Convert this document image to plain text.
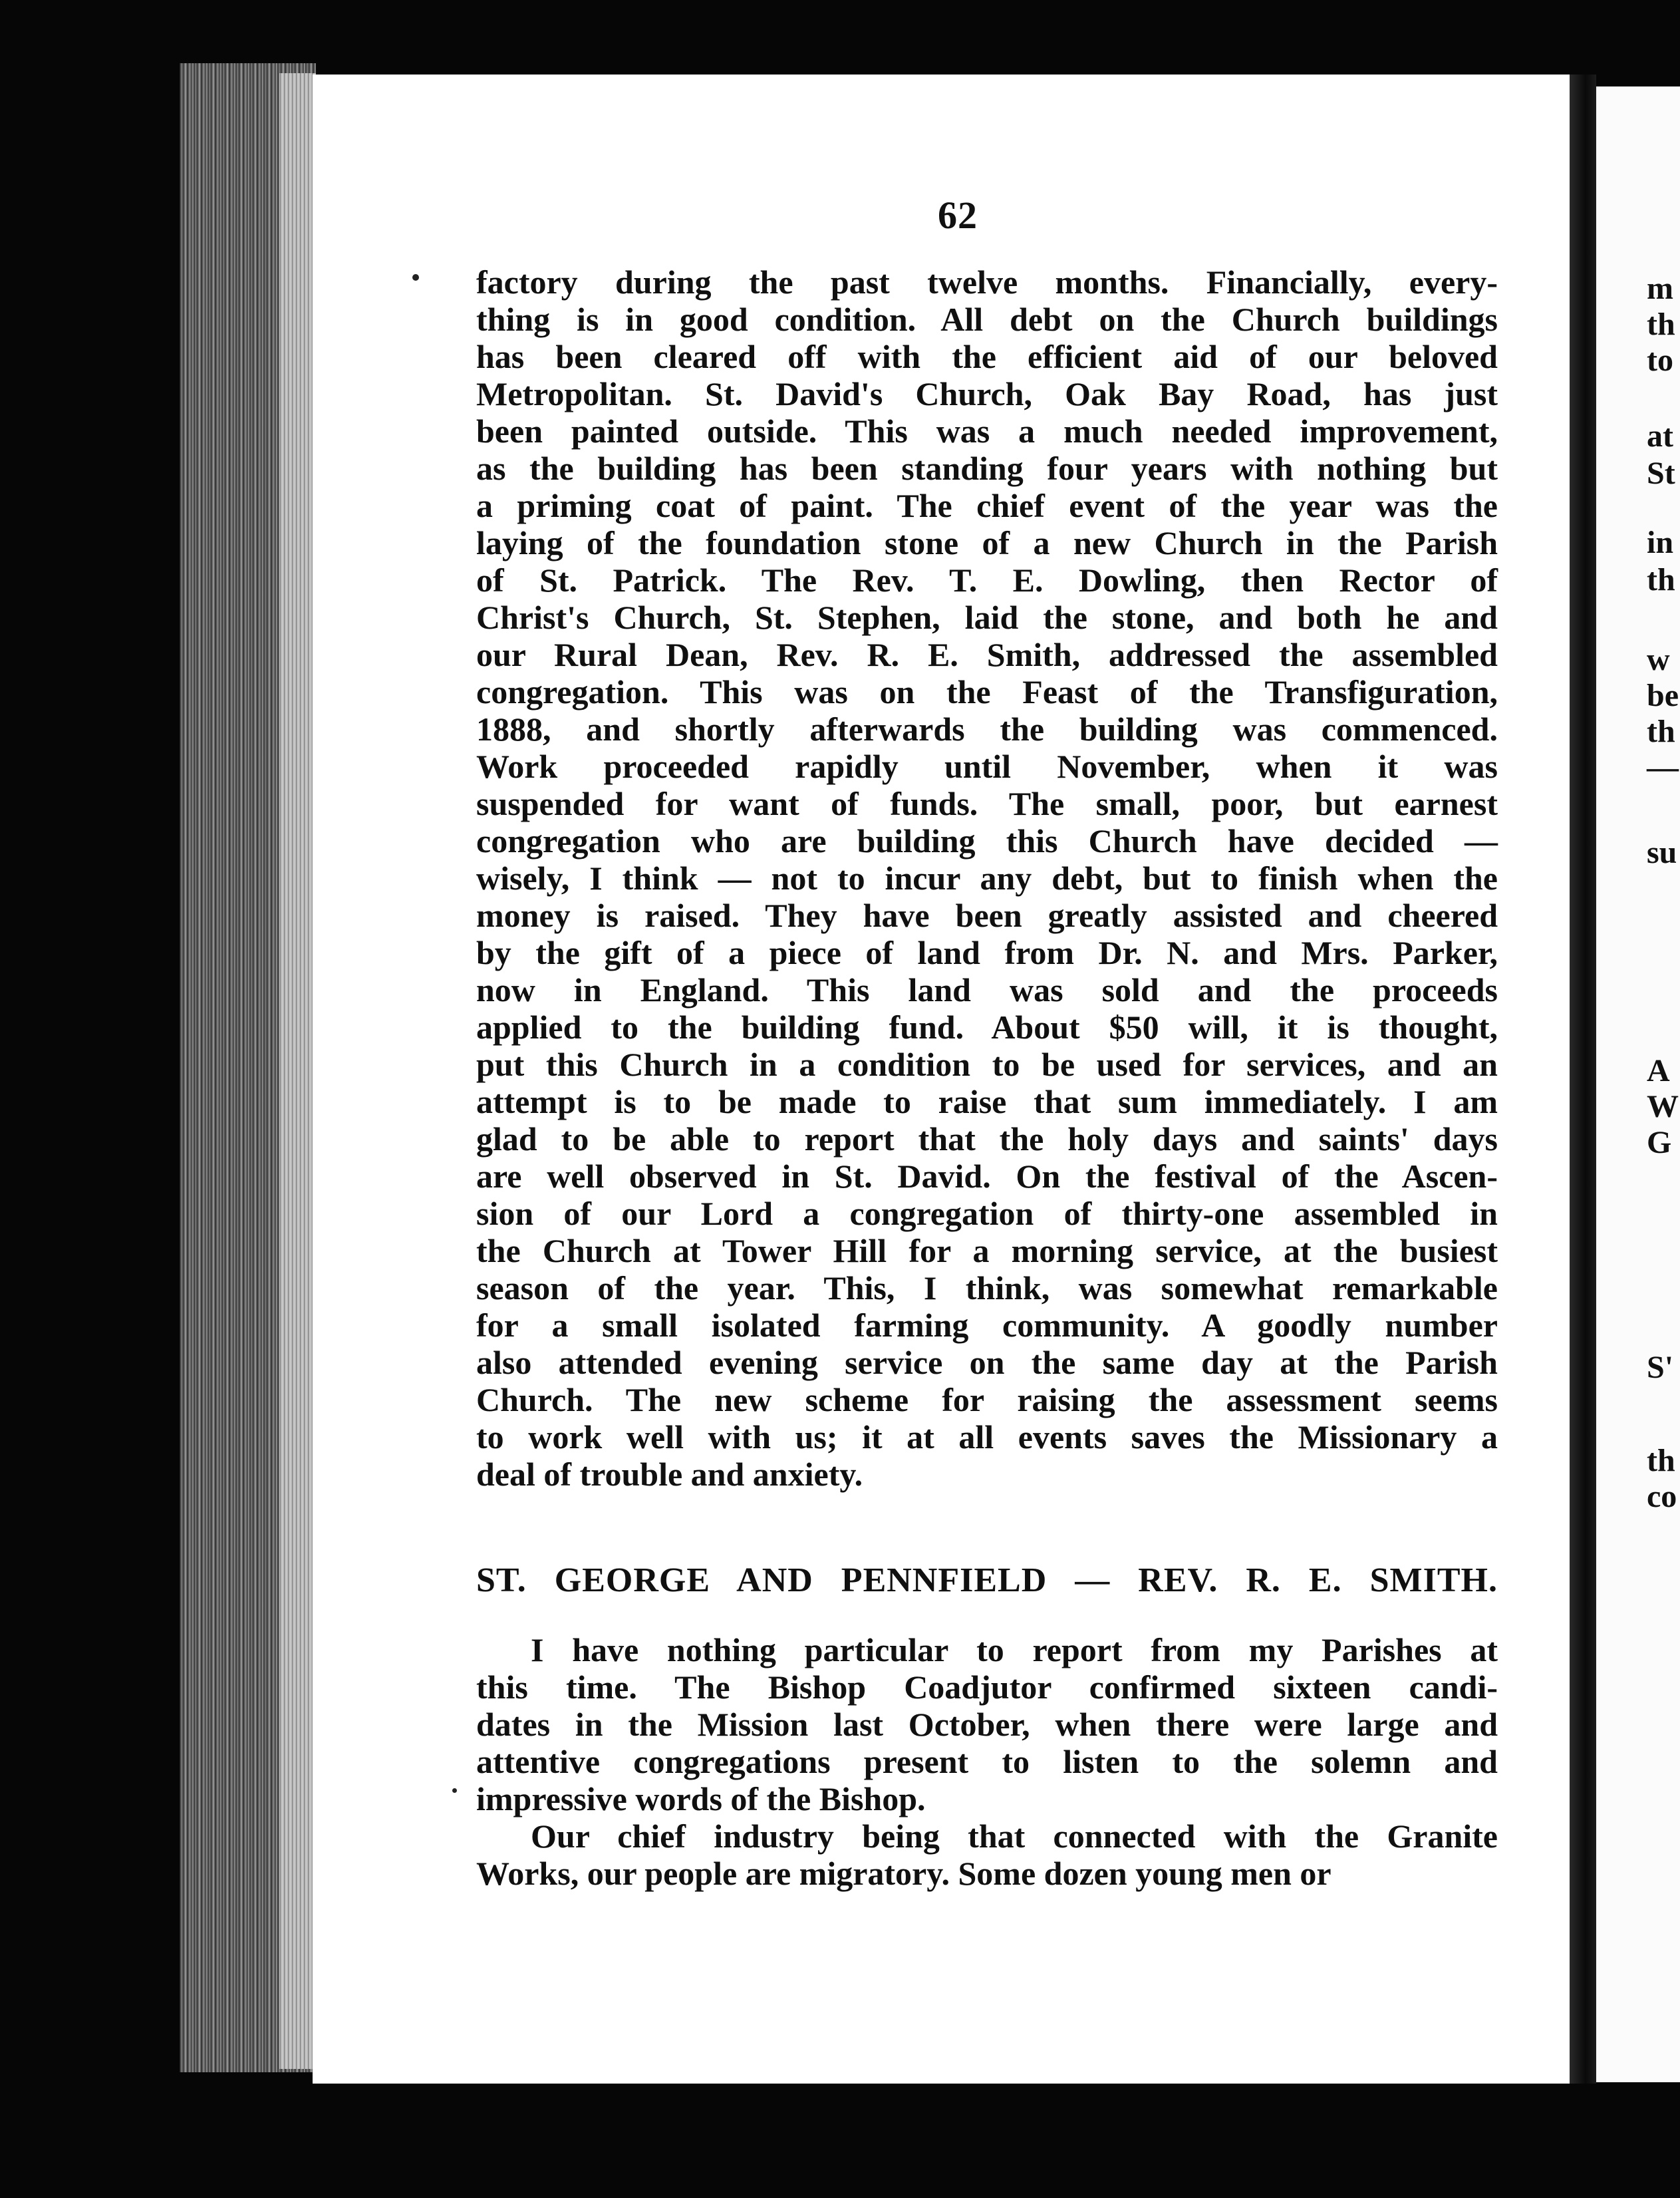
62
factory during the past twelve months. Financially, every-
thing is in good condition. All debt on the Church buildings
has been cleared off with the efficient aid of our beloved
Metropolitan. St. David's Church, Oak Bay Road, has just
been painted outside. This was a much needed improvement,
as the building has been standing four years with nothing but
a priming coat of paint. The chief event of the year was the
laying of the foundation stone of a new Church in the Parish
of St. Patrick. The Rev. T. E. Dowling, then Rector of
Christ's Church, St. Stephen, laid the stone, and both he and
our Rural Dean, Rev. R. E. Smith, addressed the assembled
congregation. This was on the Feast of the Transfiguration,
1888, and shortly afterwards the building was commenced.
Work proceeded rapidly until November, when it was
suspended for want of funds. The small, poor, but earnest
congregation who are building this Church have decided —
wisely, I think — not to incur any debt, but to finish when the
money is raised. They have been greatly assisted and cheered
by the gift of a piece of land from Dr. N. and Mrs. Parker,
now in England. This land was sold and the proceeds
applied to the building fund. About $50 will, it is thought,
put this Church in a condition to be used for services, and an
attempt is to be made to raise that sum immediately. I am
glad to be able to report that the holy days and saints' days
are well observed in St. David. On the festival of the Ascen-
sion of our Lord a congregation of thirty-one assembled in
the Church at Tower Hill for a morning service, at the busiest
season of the year. This, I think, was somewhat remarkable
for a small isolated farming community. A goodly number
also attended evening service on the same day at the Parish
Church. The new scheme for raising the assessment seems
to work well with us; it at all events saves the Missionary a
deal of trouble and anxiety.
ST. GEORGE AND PENNFIELD — REV. R. E. SMITH.
I have nothing particular to report from my Parishes at
this time. The Bishop Coadjutor confirmed sixteen candi-
dates in the Mission last October, when there were large and
attentive congregations present to listen to the solemn and
impressive words of the Bishop.
Our chief industry being that connected with the Granite
Works, our people are migratory. Some dozen young men or
m
th
to
at
St
in
th
w
be
th
—
su
A
W
G
S'
th
co
